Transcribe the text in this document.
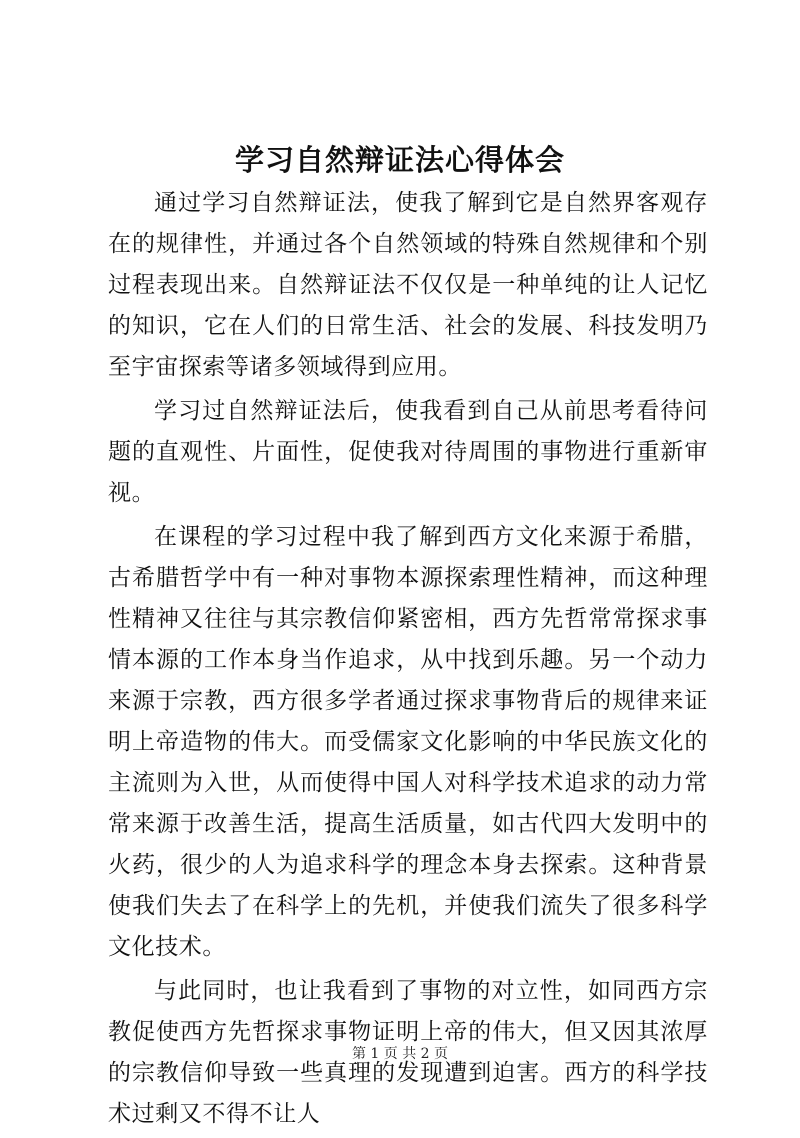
学习自然辩证法心得体会

通过学习自然辩证法，使我了解到它是自然界客观存在的规律性，并通过各个自然领域的特殊自然规律和个别过程表现出来。自然辩证法不仅仅是一种单纯的让人记忆的知识，它在人们的日常生活、社会的发展、科技发明乃至宇宙探索等诸多领域得到应用。

学习过自然辩证法后，使我看到自己从前思考看待问题的直观性、片面性，促使我对待周围的事物进行重新审视。

在课程的学习过程中我了解到西方文化来源于希腊，古希腊哲学中有一种对事物本源探索理性精神，而这种理性精神又往往与其宗教信仰紧密相，西方先哲常常探求事情本源的工作本身当作追求，从中找到乐趣。另一个动力来源于宗教，西方很多学者通过探求事物背后的规律来证明上帝造物的伟大。而受儒家文化影响的中华民族文化的主流则为入世，从而使得中国人对科学技术追求的动力常常来源于改善生活，提高生活质量，如古代四大发明中的火药，很少的人为追求科学的理念本身去探索。这种背景使我们失去了在科学上的先机，并使我们流失了很多科学文化技术。

与此同时，也让我看到了事物的对立性，如同西方宗教促使西方先哲探求事物证明上帝的伟大，但又因其浓厚的宗教信仰导致一些真理的发现遭到迫害。西方的科学技术过剩又不得不让人

第 1 页 共 2 页
